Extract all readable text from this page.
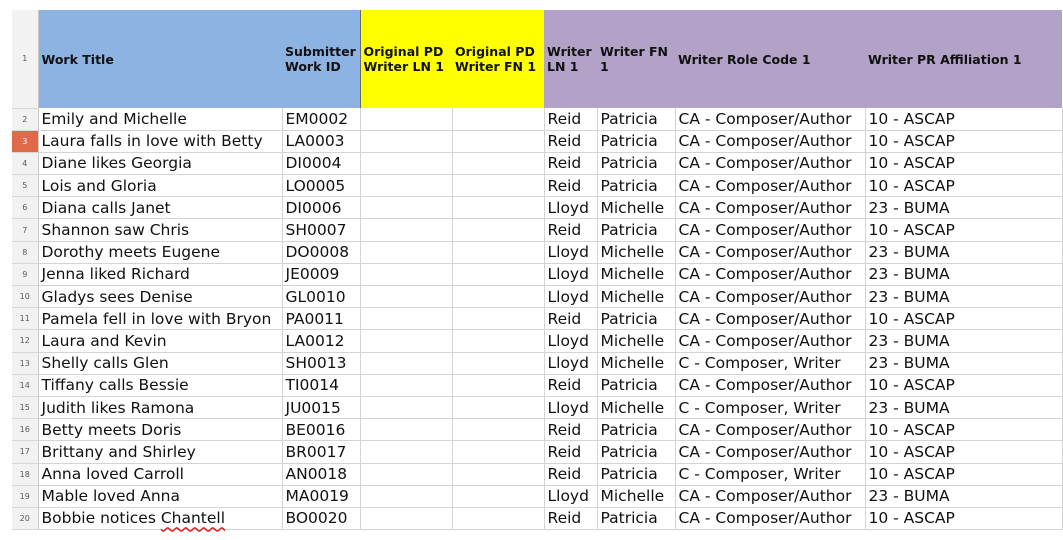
1	Work Title	Submitter Work ID	Original PD Writer LN 1	Original PD Writer FN 1	Writer LN 1	Writer FN 1	Writer Role Code 1	Writer PR Affiliation 1
2	Emily and Michelle	EM0002			Reid	Patricia	CA - Composer/Author	10 - ASCAP
3	Laura falls in love with Betty	LA0003			Reid	Patricia	CA - Composer/Author	10 - ASCAP
4	Diane likes Georgia	DI0004			Reid	Patricia	CA - Composer/Author	10 - ASCAP
5	Lois and Gloria	LO0005			Reid	Patricia	CA - Composer/Author	10 - ASCAP
6	Diana calls Janet	DI0006			Lloyd	Michelle	CA - Composer/Author	23 - BUMA
7	Shannon saw Chris	SH0007			Reid	Patricia	CA - Composer/Author	10 - ASCAP
8	Dorothy meets Eugene	DO0008			Lloyd	Michelle	CA - Composer/Author	23 - BUMA
9	Jenna liked Richard	JE0009			Lloyd	Michelle	CA - Composer/Author	23 - BUMA
10	Gladys sees Denise	GL0010			Lloyd	Michelle	CA - Composer/Author	23 - BUMA
11	Pamela fell in love with Bryon	PA0011			Reid	Patricia	CA - Composer/Author	10 - ASCAP
12	Laura and Kevin	LA0012			Lloyd	Michelle	CA - Composer/Author	23 - BUMA
13	Shelly calls Glen	SH0013			Lloyd	Michelle	C - Composer, Writer	23 - BUMA
14	Tiffany calls Bessie	TI0014			Reid	Patricia	CA - Composer/Author	10 - ASCAP
15	Judith likes Ramona	JU0015			Lloyd	Michelle	C - Composer, Writer	23 - BUMA
16	Betty meets Doris	BE0016			Reid	Patricia	CA - Composer/Author	10 - ASCAP
17	Brittany and Shirley	BR0017			Reid	Patricia	CA - Composer/Author	10 - ASCAP
18	Anna loved Carroll	AN0018			Reid	Patricia	C - Composer, Writer	10 - ASCAP
19	Mable loved Anna	MA0019			Lloyd	Michelle	CA - Composer/Author	23 - BUMA
20	Bobbie notices Chantell	BO0020			Reid	Patricia	CA - Composer/Author	10 - ASCAP
